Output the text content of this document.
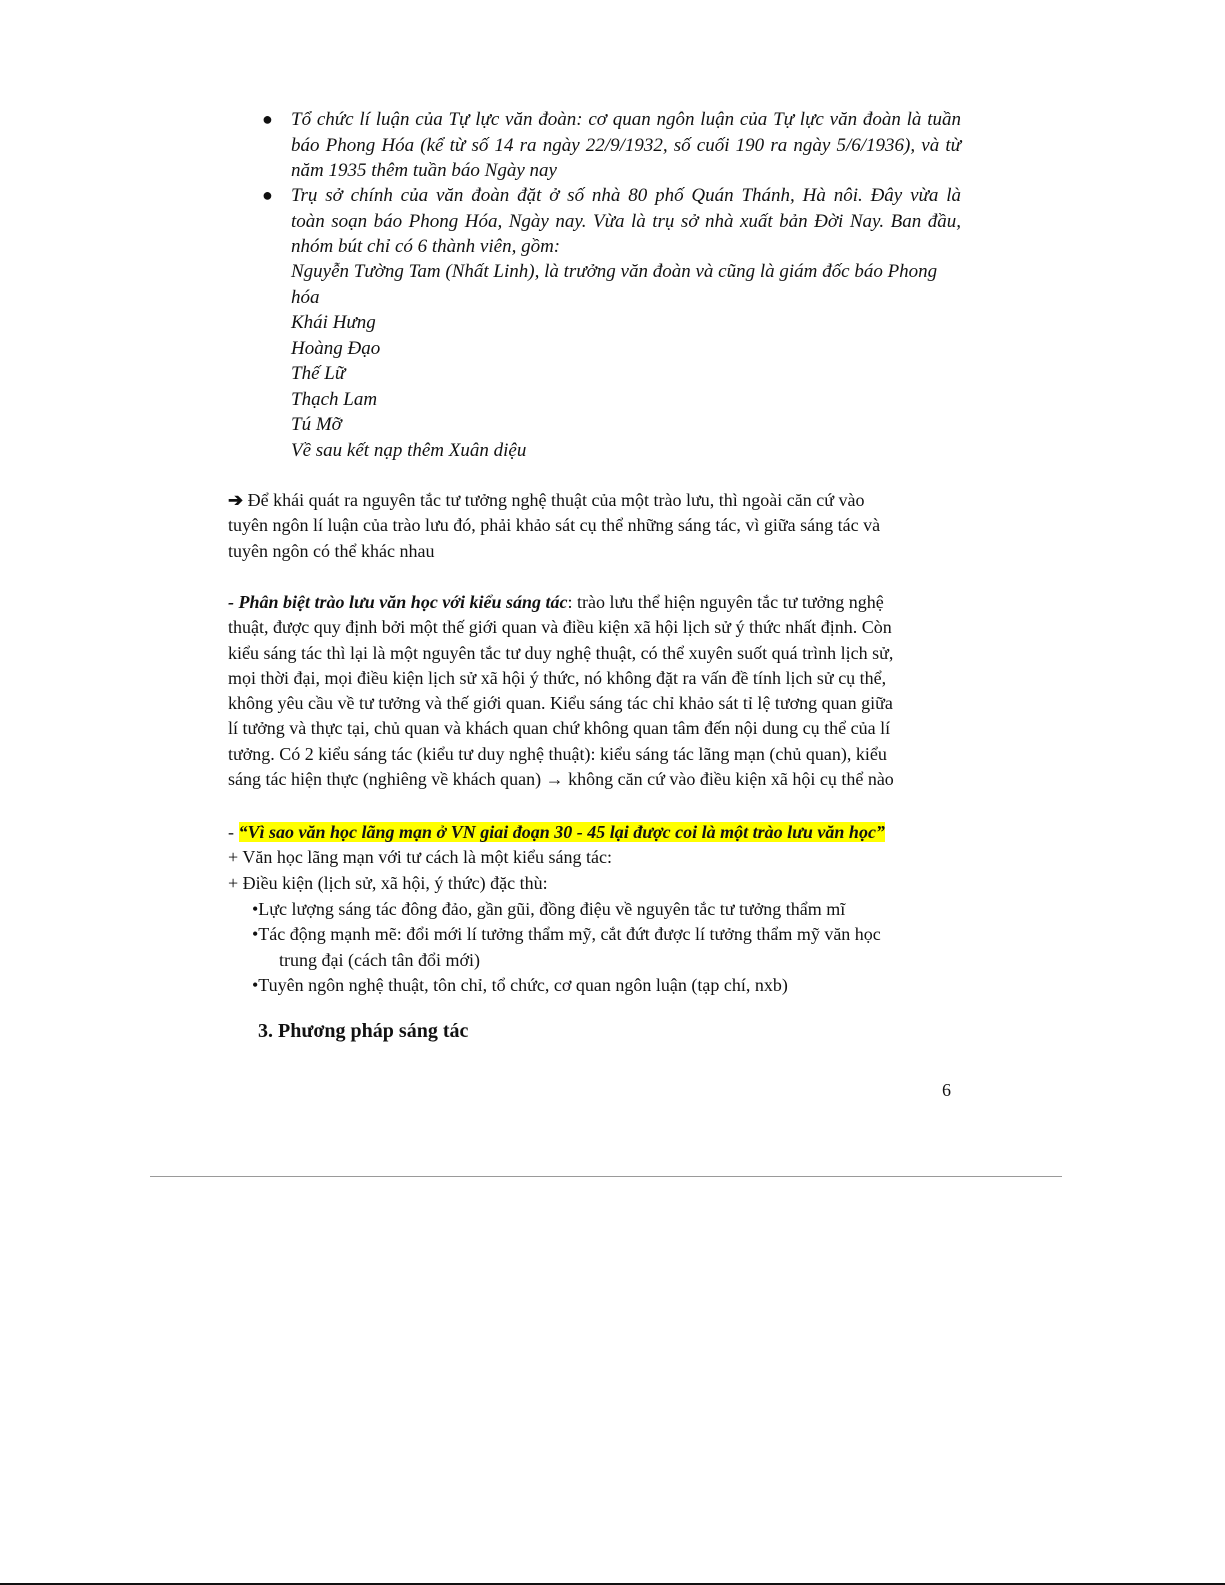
● Tổ chức lí luận của Tự lực văn đoàn: cơ quan ngôn luận của Tự lực văn đoàn là tuần
báo Phong Hóa (kể từ số 14 ra ngày 22/9/1932, số cuối 190 ra ngày 5/6/1936), và từ
năm 1935 thêm tuần báo Ngày nay
● Trụ sở chính của văn đoàn đặt ở số nhà 80 phố Quán Thánh, Hà nôi. Đây vừa là
toàn soạn báo Phong Hóa, Ngày nay. Vừa là trụ sở nhà xuất bản Đời Nay. Ban đầu,
nhóm bút chỉ có 6 thành viên, gồm:
Nguyễn Tường Tam (Nhất Linh), là trưởng văn đoàn và cũng là giám đốc báo Phong
hóa
Khái Hưng
Hoàng Đạo
Thế Lữ
Thạch Lam
Tú Mỡ
Về sau kết nạp thêm Xuân diệu
➔ Để khái quát ra nguyên tắc tư tưởng nghệ thuật của một trào lưu, thì ngoài căn cứ vào
tuyên ngôn lí luận của trào lưu đó, phải khảo sát cụ thể những sáng tác, vì giữa sáng tác và
tuyên ngôn có thể khác nhau
- Phân biệt trào lưu văn học với kiểu sáng tác: trào lưu thể hiện nguyên tắc tư tưởng nghệ
thuật, được quy định bởi một thế giới quan và điều kiện xã hội lịch sử ý thức nhất định. Còn
kiểu sáng tác thì lại là một nguyên tắc tư duy nghệ thuật, có thể xuyên suốt quá trình lịch sử,
mọi thời đại, mọi điều kiện lịch sử xã hội ý thức, nó không đặt ra vấn đề tính lịch sử cụ thể,
không yêu cầu về tư tưởng và thế giới quan. Kiểu sáng tác chỉ khảo sát tỉ lệ tương quan giữa
lí tưởng và thực tại, chủ quan và khách quan chứ không quan tâm đến nội dung cụ thể của lí
tưởng. Có 2 kiểu sáng tác (kiểu tư duy nghệ thuật): kiểu sáng tác lãng mạn (chủ quan), kiểu
sáng tác hiện thực (nghiêng về khách quan) → không căn cứ vào điều kiện xã hội cụ thể nào
- “Vì sao văn học lãng mạn ở VN giai đoạn 30 - 45 lại được coi là một trào lưu văn học”
+ Văn học lãng mạn với tư cách là một kiểu sáng tác:
+ Điều kiện (lịch sử, xã hội, ý thức) đặc thù:
•Lực lượng sáng tác đông đảo, gần gũi, đồng điệu về nguyên tắc tư tưởng thẩm mĩ
•Tác động mạnh mẽ: đổi mới lí tưởng thẩm mỹ, cắt đứt được lí tưởng thẩm mỹ văn học
trung đại (cách tân đổi mới)
•Tuyên ngôn nghệ thuật, tôn chỉ, tổ chức, cơ quan ngôn luận (tạp chí, nxb)
3. Phương pháp sáng tác
6
